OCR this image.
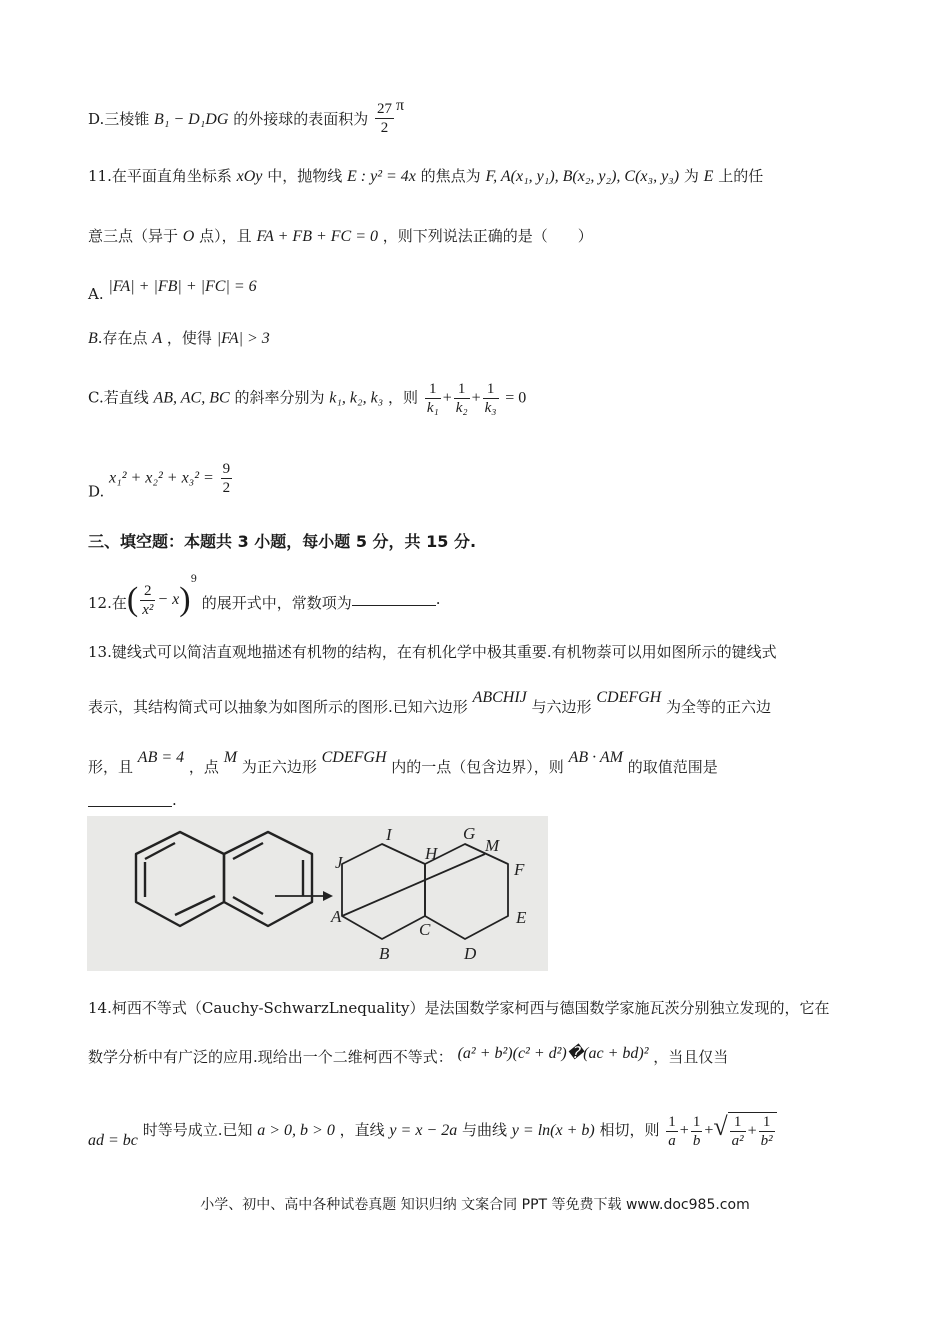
D.三棱锥 B₁ − D₁DG 的外接球的表面积为 $\frac{27}{2}$ π
11.在平面直角坐标系 xOy 中，抛物线 E : y² = 4x 的焦点为 F, A(x₁, y₁), B(x₂, y₂), C(x₃, y₃) 为 E 上的任
意三点（异于 O 点），且 FA + FB + FC = 0 ，则下列说法正确的是（　　）
A. |FA| + |FB| + |FC| = 6
B.存在点 A ，使得 |FA| > 3
C.若直线 AB, AC, BC 的斜率分别为 k₁, k₂, k₃ ，则 $\frac{1}{\text{k₁}} + \frac{1}{\text{k₂}} + \frac{1}{\text{k₃}} = 0$
D. $x_1^2 + x_2^2 + x_3^2 = \frac{9}{2}$
三、填空题：本题共 3 小题，每小题 5 分，共 15 分.
12.在( $\frac{2}{\text{x²}} - x)^9$ 的展开式中，常数项为	.
13.键线式可以简洁直观地描述有机物的结构，在有机化学中极其重要.有机物萘可以用如图所示的键线式
表示，其结构简式可以抽象为如图所示的图形.已知六边形 ABCHIJ 与六边形 CDEFGH 为全等的正六边
形，且 AB = 4 ，点 M 为正六边形 CDEFGH 内的一点（包含边界），则 AB · AM 的取值范围是
.
I	G
H	M
J	F
A	E
C
B	D
14.柯西不等式（Cauchy-SchwarzLnequality）是法国数学家柯西与德国数学家施瓦茨分别独立发现的，它在
数学分析中有广泛的应用.现给出一个二维柯西不等式： (a² + b²)(c² + d²)�(ac + bd)² ，当且仅当
ad = bc 时等号成立.已知 a > 0, b > 0 ，直线 y = x − 2a 与曲线 y = ln(x + b) 相切，则 $\frac{1}{a} + \frac{1}{b}$ +√ $\frac{1}{\text{a²}} + \frac{1}{\text{b²}}$
小学、初中、高中各种试卷真题 知识归纳 文案合同 PPT 等免费下载 www.doc985.com
